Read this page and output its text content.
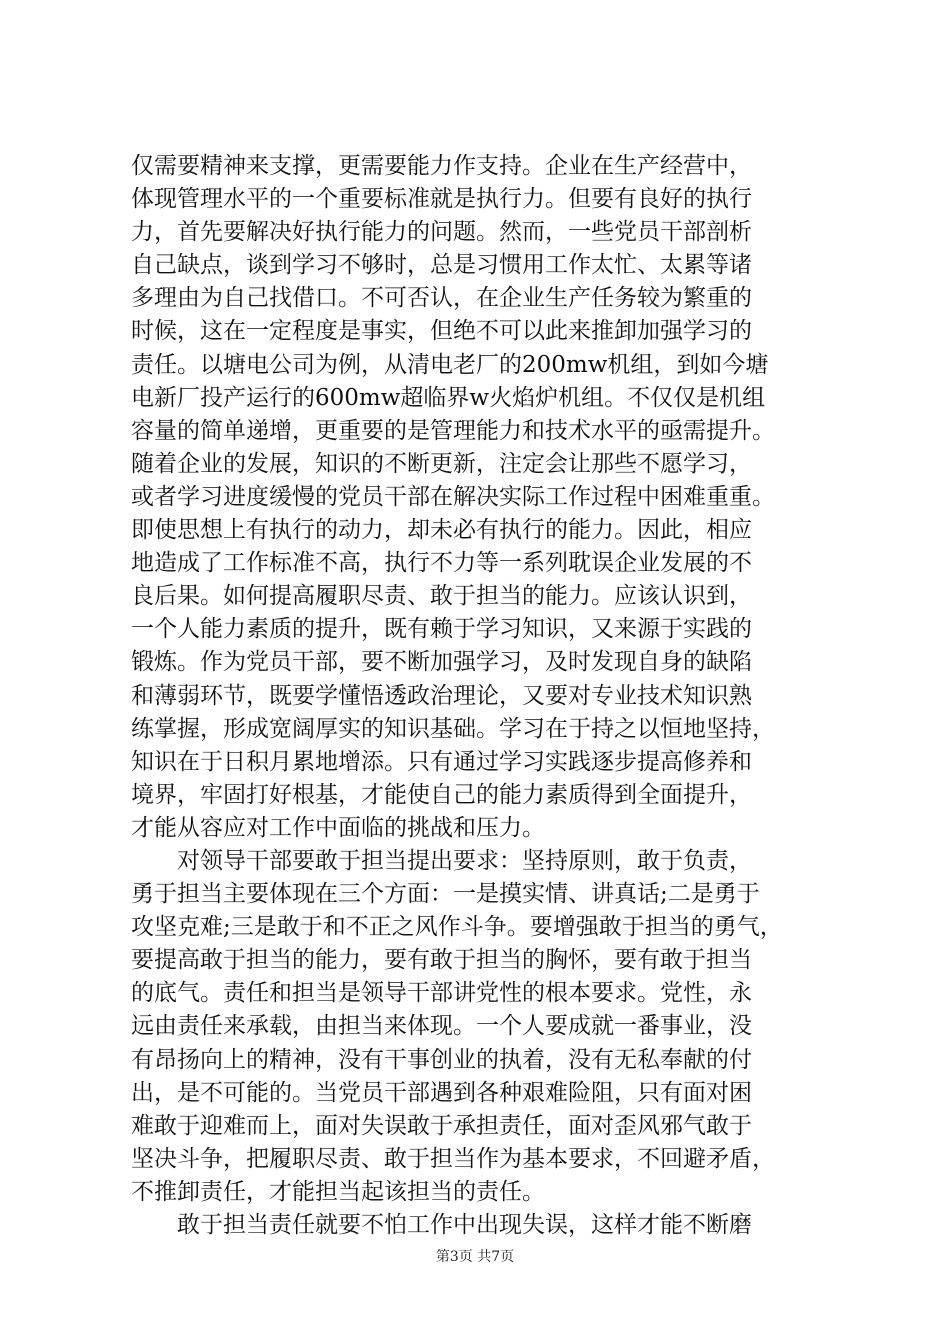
仅需要精神来支撑，更需要能力作支持。企业在生产经营中，
体现管理水平的一个重要标准就是执行力。但要有良好的执行
力，首先要解决好执行能力的问题。然而，一些党员干部剖析
自己缺点，谈到学习不够时，总是习惯用工作太忙、太累等诸
多理由为自己找借口。不可否认，在企业生产任务较为繁重的
时候，这在一定程度是事实，但绝不可以此来推卸加强学习的
责任。以塘电公司为例，从清电老厂的200mw机组，到如今塘
电新厂投产运行的600mw超临界w火焰炉机组。不仅仅是机组
容量的简单递增，更重要的是管理能力和技术水平的亟需提升。
随着企业的发展，知识的不断更新，注定会让那些不愿学习，
或者学习进度缓慢的党员干部在解决实际工作过程中困难重重。
即使思想上有执行的动力，却未必有执行的能力。因此，相应
地造成了工作标准不高，执行不力等一系列耽误企业发展的不
良后果。如何提高履职尽责、敢于担当的能力。应该认识到，
一个人能力素质的提升，既有赖于学习知识，又来源于实践的
锻炼。作为党员干部，要不断加强学习，及时发现自身的缺陷
和薄弱环节，既要学懂悟透政治理论，又要对专业技术知识熟
练掌握，形成宽阔厚实的知识基础。学习在于持之以恒地坚持，
知识在于日积月累地增添。只有通过学习实践逐步提高修养和
境界，牢固打好根基，才能使自己的能力素质得到全面提升，
才能从容应对工作中面临的挑战和压力。
　　对领导干部要敢于担当提出要求：坚持原则，敢于负责，
勇于担当主要体现在三个方面：一是摸实情、讲真话;二是勇于
攻坚克难;三是敢于和不正之风作斗争。要增强敢于担当的勇气，
要提高敢于担当的能力，要有敢于担当的胸怀，要有敢于担当
的底气。责任和担当是领导干部讲党性的根本要求。党性，永
远由责任来承载，由担当来体现。一个人要成就一番事业，没
有昂扬向上的精神，没有干事创业的执着，没有无私奉献的付
出，是不可能的。当党员干部遇到各种艰难险阻，只有面对困
难敢于迎难而上，面对失误敢于承担责任，面对歪风邪气敢于
坚决斗争，把履职尽责、敢于担当作为基本要求，不回避矛盾，
不推卸责任，才能担当起该担当的责任。
　　敢于担当责任就要不怕工作中出现失误，这样才能不断磨
第3页 共7页
